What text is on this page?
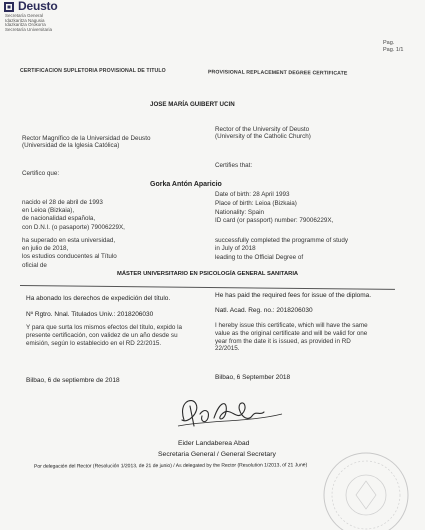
Deusto
Secretaría General
Idazkaritza Nagusia
Idazkaritza Orokorra
Secretaría Universitaria
Pag.
Pag. 1/1
CERTIFICACION SUPLETORIA PROVISIONAL DE TITULO	PROVISIONAL REPLACEMENT DEGREE CERTIFICATE
JOSE MARÍA GUIBERT UCIN
Rector Magnífico de la Universidad de Deusto
(Universidad de la Iglesia Católica)
Rector of the University of Deusto
(University of the Catholic Church)
Certifico que:
Certifies that:
Gorka Antón Aparicio
nacido el 28 de abril de 1993
en Leioa (Bizkaia),
de nacionalidad española,
con D.N.I. (o pasaporte) 79006229X,
Date of birth: 28 April 1993
Place of birth: Leioa (Bizkaia)
Nationality: Spain
ID card (or passport) number: 79006229X,
ha superado en esta universidad,
en julio de 2018,
los estudios conducentes al Título
oficial de
successfully completed the programme of study
in July of 2018
leading to the Official Degree of
MÁSTER UNIVERSITARIO EN PSICOLOGÍA GENERAL SANITARIA
Ha abonado los derechos de expedición del título.	He has paid the required fees for issue of the diploma.
Nº Rgtro. Nnal. Titulados Univ.: 2018206030
Natl. Acad. Reg. no.: 2018206030
Y para que surta los mismos efectos del título, expido la
presente certificación, con validez de un año desde su
emisión, según lo establecido en el RD 22/2015.
I hereby issue this certificate, which will have the same
value as the original certificate and will be valid for one
year from the date it is issued, as provided in RD
22/2015.
Bilbao, 6 de septiembre de 2018	Bilbao, 6 September 2018
Eider Landaberea Abad
Secretaria General / General Secretary
Por delegación del Rector (Resolución 1/2013, de 21 de junio) / As delegated by the Rector (Resolution 1/2013, of 21 June)
